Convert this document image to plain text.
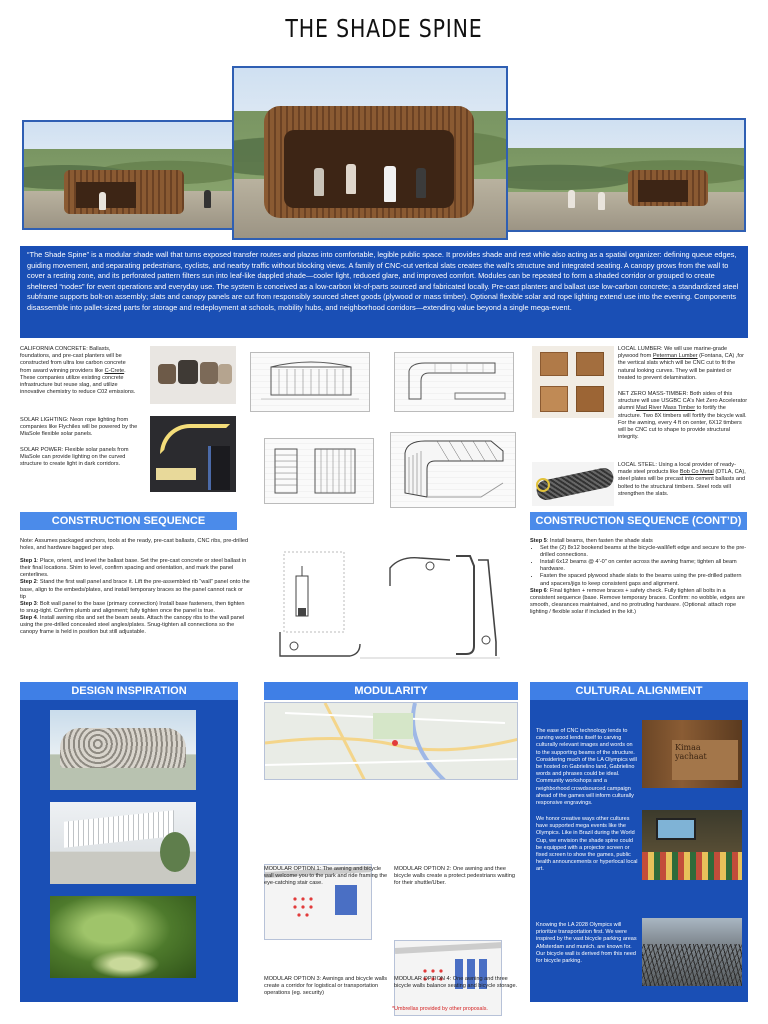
THE SHADE SPINE
“The Shade Spine” is a modular shade wall that turns exposed transfer routes and plazas into comfortable, legible public space. It provides shade and rest while also acting as a spatial organizer: defining queue edges, guiding movement, and separating pedestrians, cyclists, and nearby traffic without blocking views. A family of CNC-cut vertical slats creates the wall’s structure and integrated seating. A canopy grows from the wall to cover a resting zone, and its perforated pattern filters sun into leaf-like dappled shade—cooler light, reduced glare, and improved comfort. Modules can be repeated to form a shaded corridor or grouped to create sheltered “nodes” for event operations and everyday use. The system is conceived as a low-carbon kit-of-parts sourced and fabricated locally. Pre-cast planters and ballast use low-carbon concrete; a standardized steel subframe supports bolt-on assembly; slats and canopy panels are cut from responsibly sourced sheet goods (plywood or mass timber). Optional flexible solar and rope lighting extend use into the evening. Components disassemble into pallet-sized parts for storage and redeployment at schools, mobility hubs, and neighborhood corridors—extending value beyond a single mega-event.
CALIFORNIA CONCRETE: Ballasts, foundations, and pre-cast planters will be constructed from ultra low carbon concrete from award winning providers like C-Crete. These companies utilize existing concrete infrastructure but reuse slag, and utilize innovative chemistry to reduce C02 emissions.
SOLAR LIGHTING: Neon rope lighting from companies like Flychiles will be powered by the MiaSole flexible solar panels.
SOLAR POWER: Flexible solar panels from MiaSole can provide lighting on the curved structure to create light in dark corridors.
LOCAL LUMBER: We will use marine-grade plywood from Peterman Lumber (Fontana, CA) ,for the vertical slats which will be CNC cut to fit the natural looking curves. They will be painted or treated to prevent delamination.
NET ZERO MASS-TIMBER: Both sides of this structure will use USGBC CA's Net Zero Accelerator alumni Mad River Mass Timber to fortify the structure. Two 8X timbers will fortify the bicycle wall. For the awning, every 4 ft on center, 6X12 timbers will be CNC cut to shape to provide structural integrity.
LOCAL STEEL: Using a local provider of ready-made steel products like Bob Co Metal (DTLA, CA), steel plates will be precast into cement ballasts and bolted to the structural timbers. Steel rods will strengthen the slats.
CONSTRUCTION SEQUENCE

Note: Assumes packaged anchors, tools at the ready, pre-cast ballasts, CNC ribs, pre-drilled holes, and hardware bagged per step.

Step 1: Place, orient, and level the ballast base. Set the pre-cast concrete or steel ballast in their final locations. Shim to level, confirm spacing and orientation, and mark the panel centerlines.

Step 2: Stand the first wall panel and brace it. Lift the pre-assembled rib “wall” panel onto the base, align to the embeds/plates, and install temporary braces so the panel cannot rack or tip

Step 3: Bolt wall panel to the base (primary connection) Install base fasteners, then tighten to snug-tight. Confirm plumb and alignment; fully tighten once the panel is true.

Step 4. Install awning ribs and set the beam seats. Attach the canopy ribs to the wall panel using the pre-drilled concealed steel angles/plates. Snug-tighten all connections so the canopy frame is held in position but still adjustable.

CONSTRUCTION SEQUENCE (CONT’D)

Step 5: Install beams, then fasten the shade slats

• Set the (2) 8x12 bookend beams at the bicycle-wall/left edge and secure to the pre-drilled connections.
• Install 6x12 beams @ 4’-0" on center across the awning frame; tighten all beam hardware.
• Fasten the spaced plywood shade slats to the beams using the pre-drilled pattern and spacers/jigs to keep consistent gaps and alignment.

Step 6: Final tighten + remove braces + safety check. Fully tighten all bolts in a consistent sequence (base. Remove temporary braces. Confirm: no wobble, edges are smooth, clearances maintained, and no protruding hardware. (Optional: attach rope lighting / flexible solar if included in the kit.)

DESIGN INSPIRATION	MODULARITY
MODULAR OPTION 1: The awning and bicycle wall welcome you to the park and ride framing the eye-catching stair case.
MODULAR OPTION 2: One awning and thee bicycle walls create a protect pedestrians waiting for their shuttle/Uber.
MODULAR OPTION 3: Awnings and bicycle walls create a corridor for logistical or transportation operations (eg. security)
MODULAR OPTION 4: One awning and three bicycle walls balance seating and bicycle storage.
*Umbrellas provided by other proposals.
CULTURAL ALIGNMENT
The ease of CNC technology lends to carving wood lends itself to carving culturally relevant images and words on to the supporting beams of the structure. Considering much of the LA Olympics will be hosted on Gabrielino land, Gabrielino words and phrases could be ideal. Community workshops and a neighborhood crowdsourced campaign ahead of the games will inform culturally responsive engravings.
Kimaa
yachaat
We honor creative ways other cultures have supported mega events like the Olympics. Like in Brazil during the World Cup, we envision the shade spine could be equipped with a projector screen or fixed screen to show the games, public health announcements or hyperlocal local art.
Knowing the LA 2028 Olympics will prioritize transportation first. We were inspired by the vast bicycle parking areas AMsterdam and munich. are known for. Our bicycle wall is derived from this need for bicycle parking.
